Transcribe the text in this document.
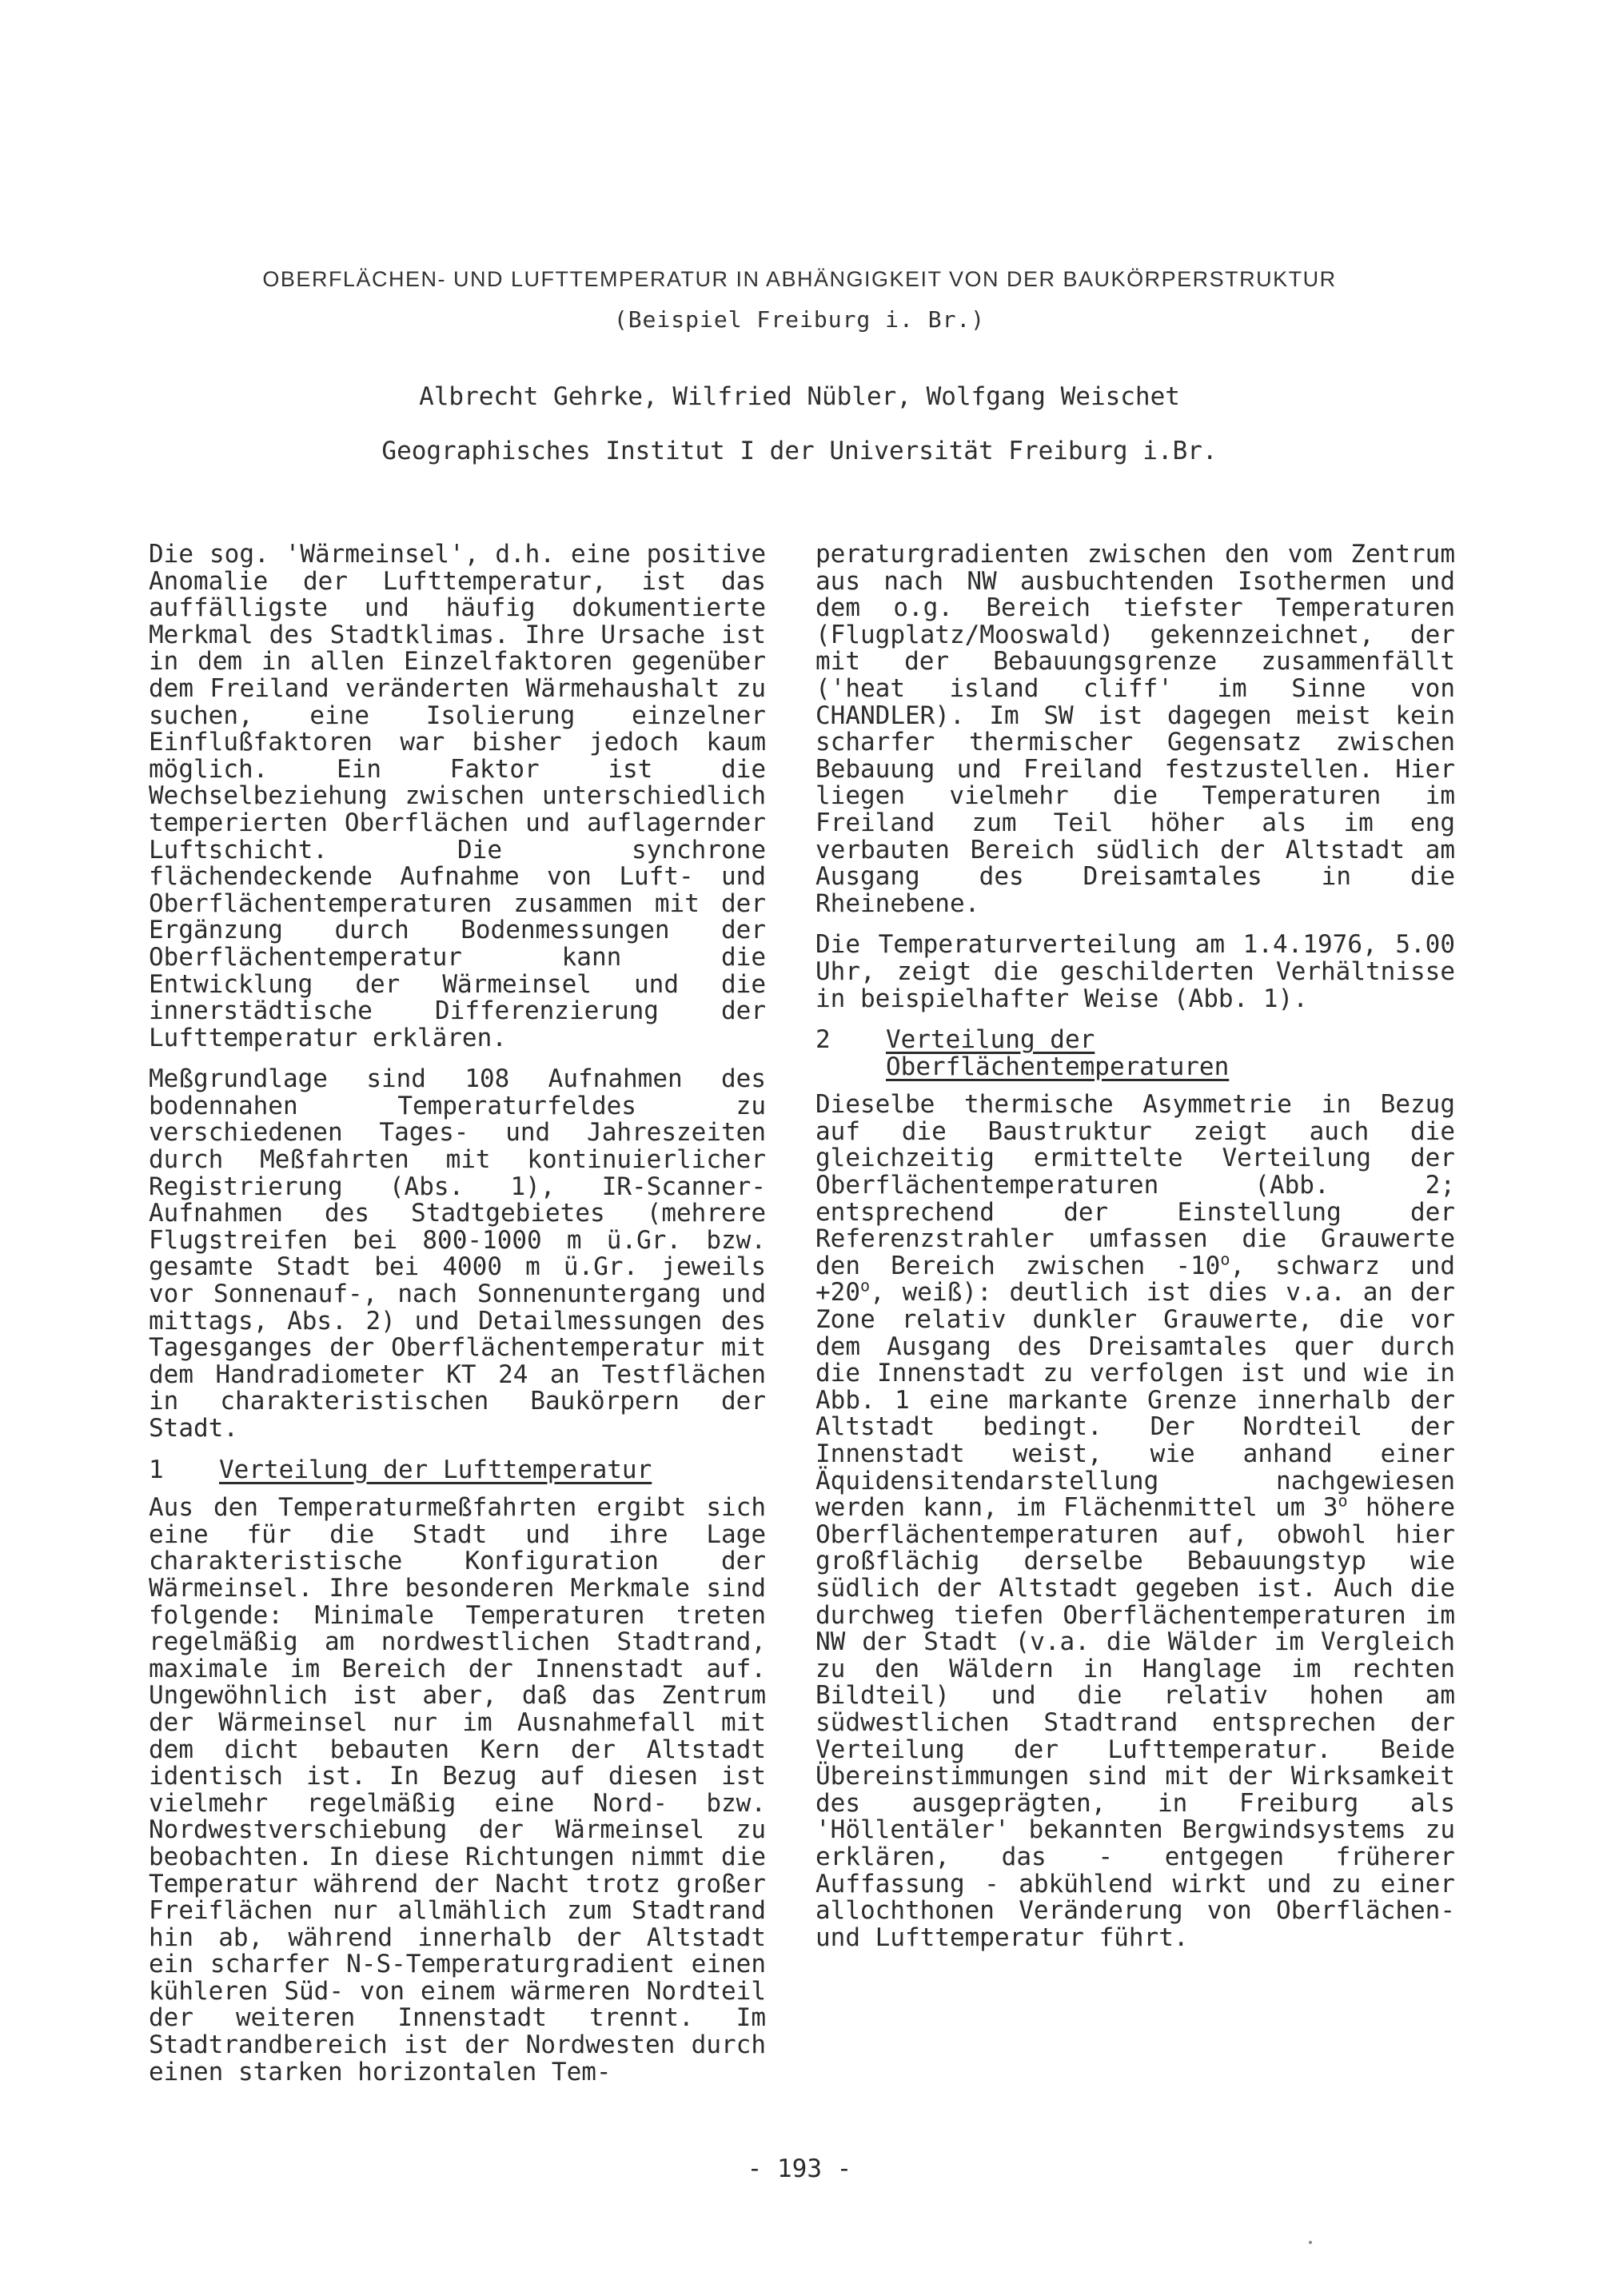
OBERFLÄCHEN- UND LUFTTEMPERATUR IN ABHÄNGIGKEIT VON DER BAUKÖRPERSTRUKTUR
(Beispiel Freiburg i. Br.)
Albrecht Gehrke, Wilfried Nübler, Wolfgang Weischet
Geographisches Institut I der Universität Freiburg i.Br.

Die sog. 'Wärmeinsel', d.h. eine positive Anomalie der Lufttemperatur, ist das auffälligste und häufig dokumentierte Merkmal des Stadtklimas. Ihre Ursache ist in dem in allen Einzelfaktoren gegenüber dem Freiland veränderten Wärmehaushalt zu suchen, eine Isolierung einzelner Einflußfaktoren war bisher jedoch kaum möglich. Ein Faktor ist die Wechselbeziehung zwischen unterschiedlich temperierten Oberflächen und auflagernder Luftschicht. Die synchrone flächendeckende Aufnahme von Luft- und Oberflächentemperaturen zusammen mit der Ergänzung durch Bodenmessungen der Oberflächentemperatur kann die Entwicklung der Wärmeinsel und die innerstädtische Differenzierung der Lufttemperatur erklären.

Meßgrundlage sind 108 Aufnahmen des bodennahen Temperaturfeldes zu verschiedenen Tages- und Jahreszeiten durch Meßfahrten mit kontinuierlicher Registrierung (Abs. 1), IR-Scanner-Aufnahmen des Stadtgebietes (mehrere Flugstreifen bei 800-1000 m ü.Gr. bzw. gesamte Stadt bei 4000 m ü.Gr. jeweils vor Sonnenauf-, nach Sonnenuntergang und mittags, Abs. 2) und Detailmessungen des Tagesganges der Oberflächentemperatur mit dem Handradiometer KT 24 an Testflächen in charakteristischen Baukörpern der Stadt.

1	Verteilung der Lufttemperatur

Aus den Temperaturmeßfahrten ergibt sich eine für die Stadt und ihre Lage charakteristische Konfiguration der Wärmeinsel. Ihre besonderen Merkmale sind folgende: Minimale Temperaturen treten regelmäßig am nordwestlichen Stadtrand, maximale im Bereich der Innenstadt auf. Ungewöhnlich ist aber, daß das Zentrum der Wärmeinsel nur im Ausnahmefall mit dem dicht bebauten Kern der Altstadt identisch ist. In Bezug auf diesen ist vielmehr regelmäßig eine Nord- bzw. Nordwestverschiebung der Wärmeinsel zu beobachten. In diese Richtungen nimmt die Temperatur während der Nacht trotz großer Freiflächen nur allmählich zum Stadtrand hin ab, während innerhalb der Altstadt ein scharfer N-S-Temperaturgradient einen kühleren Süd- von einem wärmeren Nordteil der weiteren Innenstadt trennt. Im Stadtrandbereich ist der Nordwesten durch einen starken horizontalen Tem-

peraturgradienten zwischen den vom Zentrum aus nach NW ausbuchtenden Isothermen und dem o.g. Bereich tiefster Temperaturen (Flugplatz/Mooswald) gekennzeichnet, der mit der Bebauungsgrenze zusammenfällt ('heat island cliff' im Sinne von CHANDLER). Im SW ist dagegen meist kein scharfer thermischer Gegensatz zwischen Bebauung und Freiland festzustellen. Hier liegen vielmehr die Temperaturen im Freiland zum Teil höher als im eng verbauten Bereich südlich der Altstadt am Ausgang des Dreisamtales in die Rheinebene.

Die Temperaturverteilung am 1.4.1976, 5.00 Uhr, zeigt die geschilderten Verhältnisse in beispielhafter Weise (Abb. 1).

2	Verteilung der Oberflächentemperaturen

Dieselbe thermische Asymmetrie in Bezug auf die Baustruktur zeigt auch die gleichzeitig ermittelte Verteilung der Oberflächentemperaturen (Abb. 2; entsprechend der Einstellung der Referenzstrahler umfassen die Grauwerte den Bereich zwischen -10$^o$, schwarz und $+20^o$, weiß): deutlich ist dies v.a. an der Zone relativ dunkler Grauwerte, die vor dem Ausgang des Dreisamtales quer durch die Innenstadt zu verfolgen ist und wie in Abb. 1 eine markante Grenze innerhalb der Altstadt bedingt. Der Nordteil der Innenstadt weist, wie anhand einer Äquidensitendarstellung nachgewiesen werden kann, im Flächenmittel um 3$^o$ höhere Oberflächentemperaturen auf, obwohl hier großflächig derselbe Bebauungstyp wie südlich der Altstadt gegeben ist. Auch die durchweg tiefen Oberflächentemperaturen im NW der Stadt (v.a. die Wälder im Vergleich zu den Wäldern in Hanglage im rechten Bildteil) und die relativ hohen am südwestlichen Stadtrand entsprechen der Verteilung der Lufttemperatur. Beide Übereinstimmungen sind mit der Wirksamkeit des ausgeprägten, in Freiburg als 'Höllentäler' bekannten Bergwindsystems zu erklären, das - entgegen früherer Auffassung - abkühlend wirkt und zu einer allochthonen Veränderung von Oberflächen- und Lufttemperatur führt.

- 193 -
